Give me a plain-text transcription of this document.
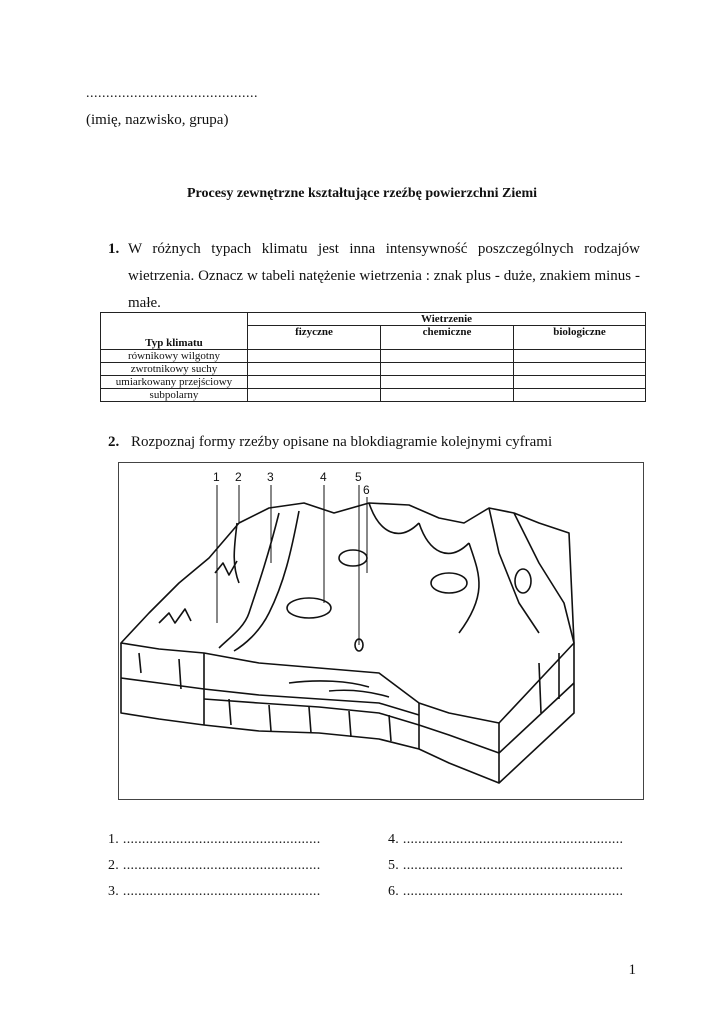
...........................................
(imię, nazwisko, grupa)
Procesy zewnętrzne kształtujące rzeźbę powierzchni Ziemi
1. W różnych typach klimatu jest inna intensywność poszczególnych rodzajów wietrzenia. Oznacz w tabeli natężenie wietrzenia : znak plus - duże, znakiem minus - małe.
Typ klimatu	Wietrzenie		
	fizyczne	chemiczne	biologiczne
równikowy wilgotny			
zwrotnikowy suchy			
umiarkowany przejściowy			
subpolarny			
2. Rozpoznaj formy rzeźby opisane na blokdiagramie kolejnymi cyframi
1 2 3	4 5
6
1. ....................................................
2. ....................................................
3. ....................................................
4. ..........................................................
5. ..........................................................
6. ..........................................................
1
